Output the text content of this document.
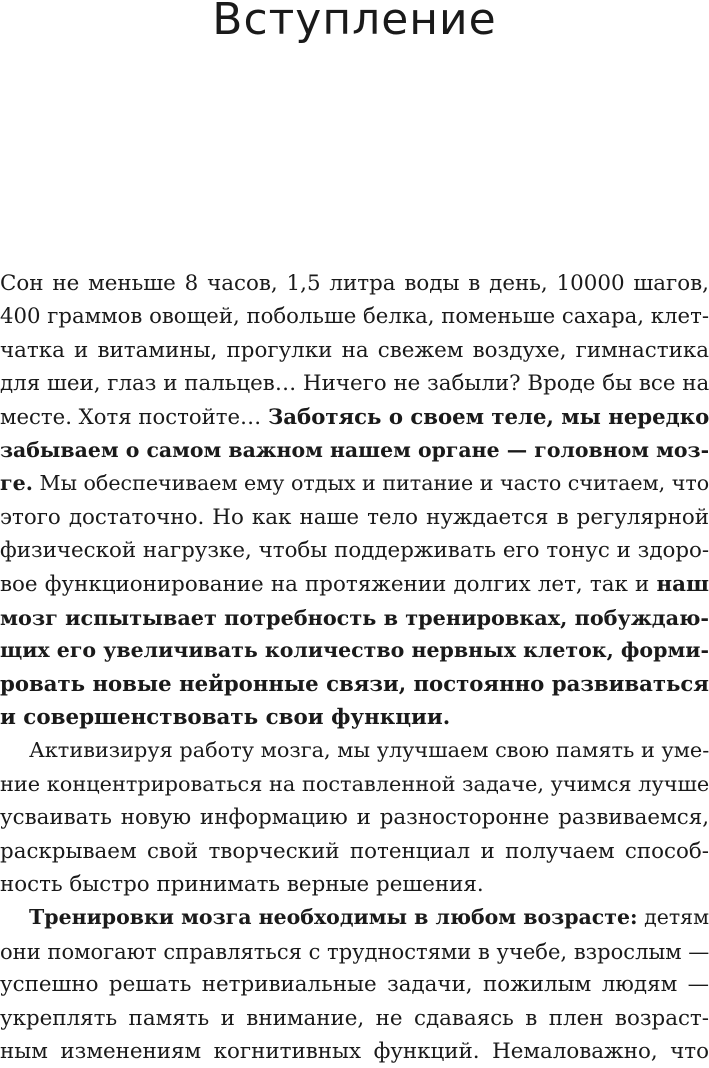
Вступление
Сон не меньше 8 часов, 1,5 литра воды в день, 10000 шагов,
400 граммов овощей, побольше белка, поменьше сахара, клет-
чатка и витамины, прогулки на свежем воздухе, гимнастика
для шеи, глаз и пальцев… Ничего не забыли? Вроде бы все на
месте. Хотя постойте… Заботясь о своем теле, мы нередко
забываем о самом важном нашем органе — головном моз-
ге. Мы обеспечиваем ему отдых и питание и часто считаем, что
этого достаточно. Но как наше тело нуждается в регулярной
физической нагрузке, чтобы поддерживать его тонус и здоро-
вое функционирование на протяжении долгих лет, так и наш
мозг испытывает потребность в тренировках, побуждаю-
щих его увеличивать количество нервных клеток, форми-
ровать новые нейронные связи, постоянно развиваться
и совершенствовать свои функции.
Активизируя работу мозга, мы улучшаем свою память и уме-
ние концентрироваться на поставленной задаче, учимся лучше
усваивать новую информацию и разносторонне развиваемся,
раскрываем свой творческий потенциал и получаем способ-
ность быстро принимать верные решения.
Тренировки мозга необходимы в любом возрасте: детям
они помогают справляться с трудностями в учебе, взрослым —
успешно решать нетривиальные задачи, пожилым людям —
укреплять память и внимание, не сдаваясь в плен возраст-
ным изменениям когнитивных функций. Немаловажно, что
